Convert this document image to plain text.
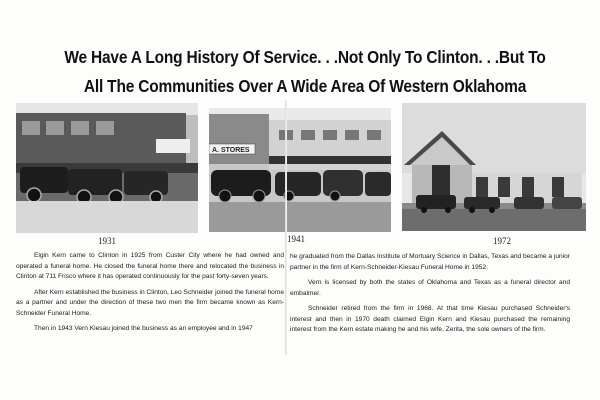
We Have A Long History Of Service. . .Not Only To Clinton. . .But To
All The Communities Over A Wide Area Of Western Oklahoma
A. STORES
1931	1941	1972

Elgin Kern came to Clinton in 1925 from Custer City where he had owned and operated a funeral home. He closed the funeral home there and relocated the business in Clinton at 711 Frisco where it has operated continuously for the past forty-seven years.

After Kern established the business in Clinton, Leo Schneider joined the funeral home as a partner and under the direction of these two men the firm became known as Kern-Schneider Funeral Home.

Then in 1943 Vern Kiesau joined the business as an employee and in 1947

he graduated from the Dallas Institute of Mortuary Science in Dallas, Texas and became a junior partner in the firm of Kern-Schneider-Kiesau Funeral Home in 1952.

Vern is licensed by both the states of Oklahoma and Texas as a funeral director and embalmer.

Schneider retired from the firm in 1968. At that time Kiesau purchased Schneider's interest and then in 1970 death claimed Elgin Kern and Kiesau purchased the remaining interest from the Kern estate making he and his wife, Zerita, the sole owners of the firm.
